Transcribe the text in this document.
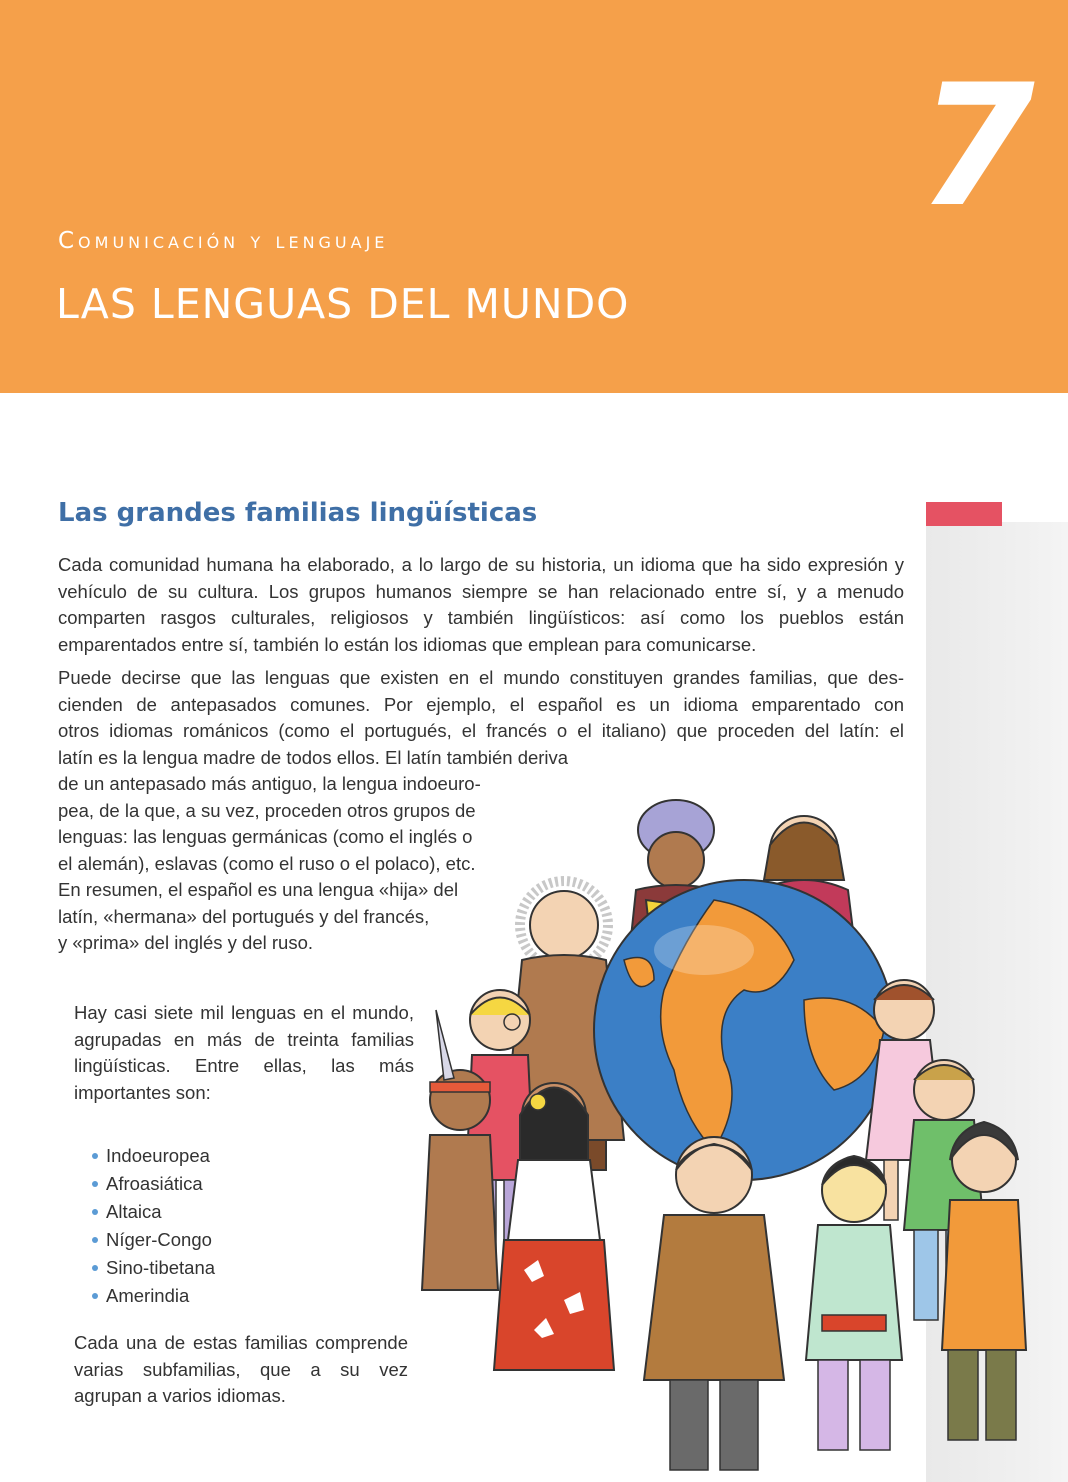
7
Comunicación y lenguaje
LAS LENGUAS DEL MUNDO
Las grandes familias lingüísticas

Cada comunidad humana ha elaborado, a lo largo de su historia, un idioma que ha sido expresión y vehículo de su cultura. Los grupos humanos siempre se han relacionado entre sí, y a menudo comparten rasgos culturales, religiosos y también lingüísticos: así como los pueblos están emparentados entre sí, también lo están los idiomas que emplean para comunicarse.

Puede decirse que las lenguas que existen en el mundo constituyen grandes familias, que des-
cienden de antepasados comunes. Por ejemplo, el español es un idioma emparentado con
otros idiomas románicos (como el portugués, el francés o el italiano) que proceden del latín: el
latín es la lengua madre de todos ellos. El latín también deriva
de un antepasado más antiguo, la lengua indoeuro-
pea, de la que, a su vez, proceden otros grupos de
lenguas: las lenguas germánicas (como el inglés o
el alemán), eslavas (como el ruso o el polaco), etc.
En resumen, el español es una lengua «hija» del
latín, «hermana» del portugués y del francés,
y «prima» del inglés y del ruso.

Hay casi siete mil lenguas en el mundo, agrupadas en más de treinta familias lingüísticas. Entre ellas, las más importantes son:

Indoeuropea
Afroasiática
Altaica
Níger-Congo
Sino-tibetana
Amerindia

Cada una de estas familias comprende varias subfamilias, que a su vez agrupan a varios idiomas.
